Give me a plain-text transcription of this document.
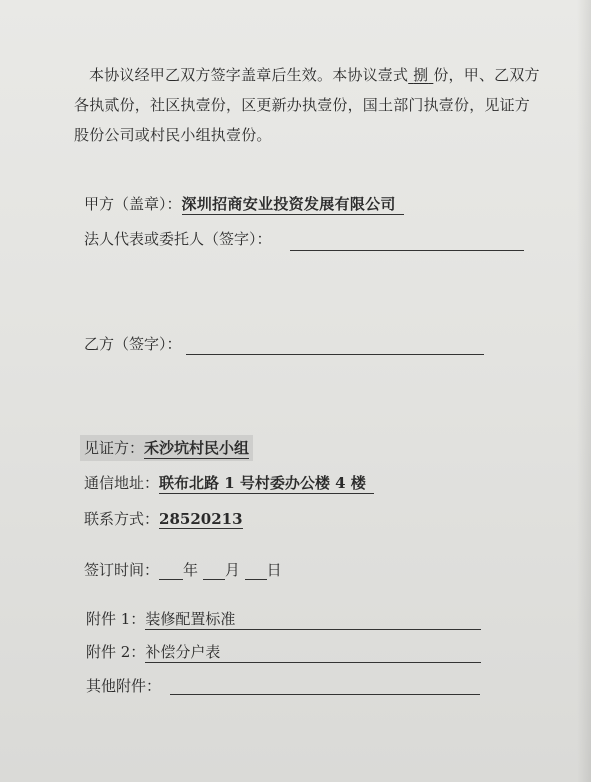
本协议经甲乙双方签字盖章后生效。本协议壹式 捌 份，甲、乙双方各执贰份，社区执壹份，区更新办执壹份，国土部门执壹份，见证方股份公司或村民小组执壹份。
甲方（盖章）：深圳招商安业投资发展有限公司
法人代表或委托人（签字）：
乙方（签字）：
见证方：禾沙坑村民小组
通信地址：联布北路 1 号村委办公楼 4 楼
联系方式：28520213
签订时间： 年 月 日
附件 1：装修配置标准
附件 2：补偿分户表
其他附件：
